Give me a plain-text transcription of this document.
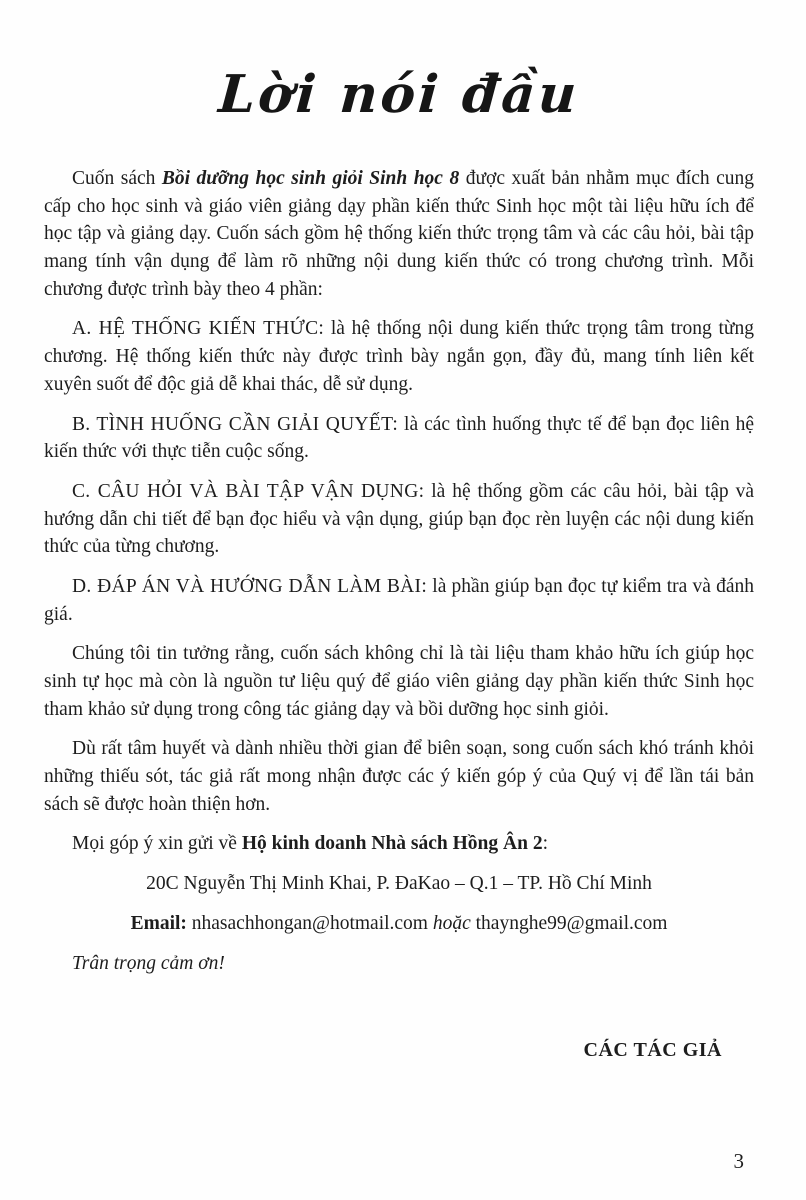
Lời nói đầu

Cuốn sách Bồi dưỡng học sinh giỏi Sinh học 8 được xuất bản nhằm mục đích cung cấp cho học sinh và giáo viên giảng dạy phần kiến thức Sinh học một tài liệu hữu ích để học tập và giảng dạy. Cuốn sách gồm hệ thống kiến thức trọng tâm và các câu hỏi, bài tập mang tính vận dụng để làm rõ những nội dung kiến thức có trong chương trình. Mỗi chương được trình bày theo 4 phần:

A. HỆ THỐNG KIẾN THỨC: là hệ thống nội dung kiến thức trọng tâm trong từng chương. Hệ thống kiến thức này được trình bày ngắn gọn, đầy đủ, mang tính liên kết xuyên suốt để độc giả dễ khai thác, dễ sử dụng.

B. TÌNH HUỐNG CẦN GIẢI QUYẾT: là các tình huống thực tế để bạn đọc liên hệ kiến thức với thực tiễn cuộc sống.

C. CÂU HỎI VÀ BÀI TẬP VẬN DỤNG: là hệ thống gồm các câu hỏi, bài tập và hướng dẫn chi tiết để bạn đọc hiểu và vận dụng, giúp bạn đọc rèn luyện các nội dung kiến thức của từng chương.

D. ĐÁP ÁN VÀ HƯỚNG DẪN LÀM BÀI: là phần giúp bạn đọc tự kiểm tra và đánh giá.

Chúng tôi tin tưởng rằng, cuốn sách không chỉ là tài liệu tham khảo hữu ích giúp học sinh tự học mà còn là nguồn tư liệu quý để giáo viên giảng dạy phần kiến thức Sinh học tham khảo sử dụng trong công tác giảng dạy và bồi dưỡng học sinh giỏi.

Dù rất tâm huyết và dành nhiều thời gian để biên soạn, song cuốn sách khó tránh khỏi những thiếu sót, tác giả rất mong nhận được các ý kiến góp ý của Quý vị để lần tái bản sách sẽ được hoàn thiện hơn.

Mọi góp ý xin gửi về Hộ kinh doanh Nhà sách Hồng Ân 2:

20C Nguyễn Thị Minh Khai, P. ĐaKao – Q.1 – TP. Hồ Chí Minh

Email: nhasachhongan@hotmail.com hoặc thaynghe99@gmail.com

Trân trọng cảm ơn!

CÁC TÁC GIẢ
3
